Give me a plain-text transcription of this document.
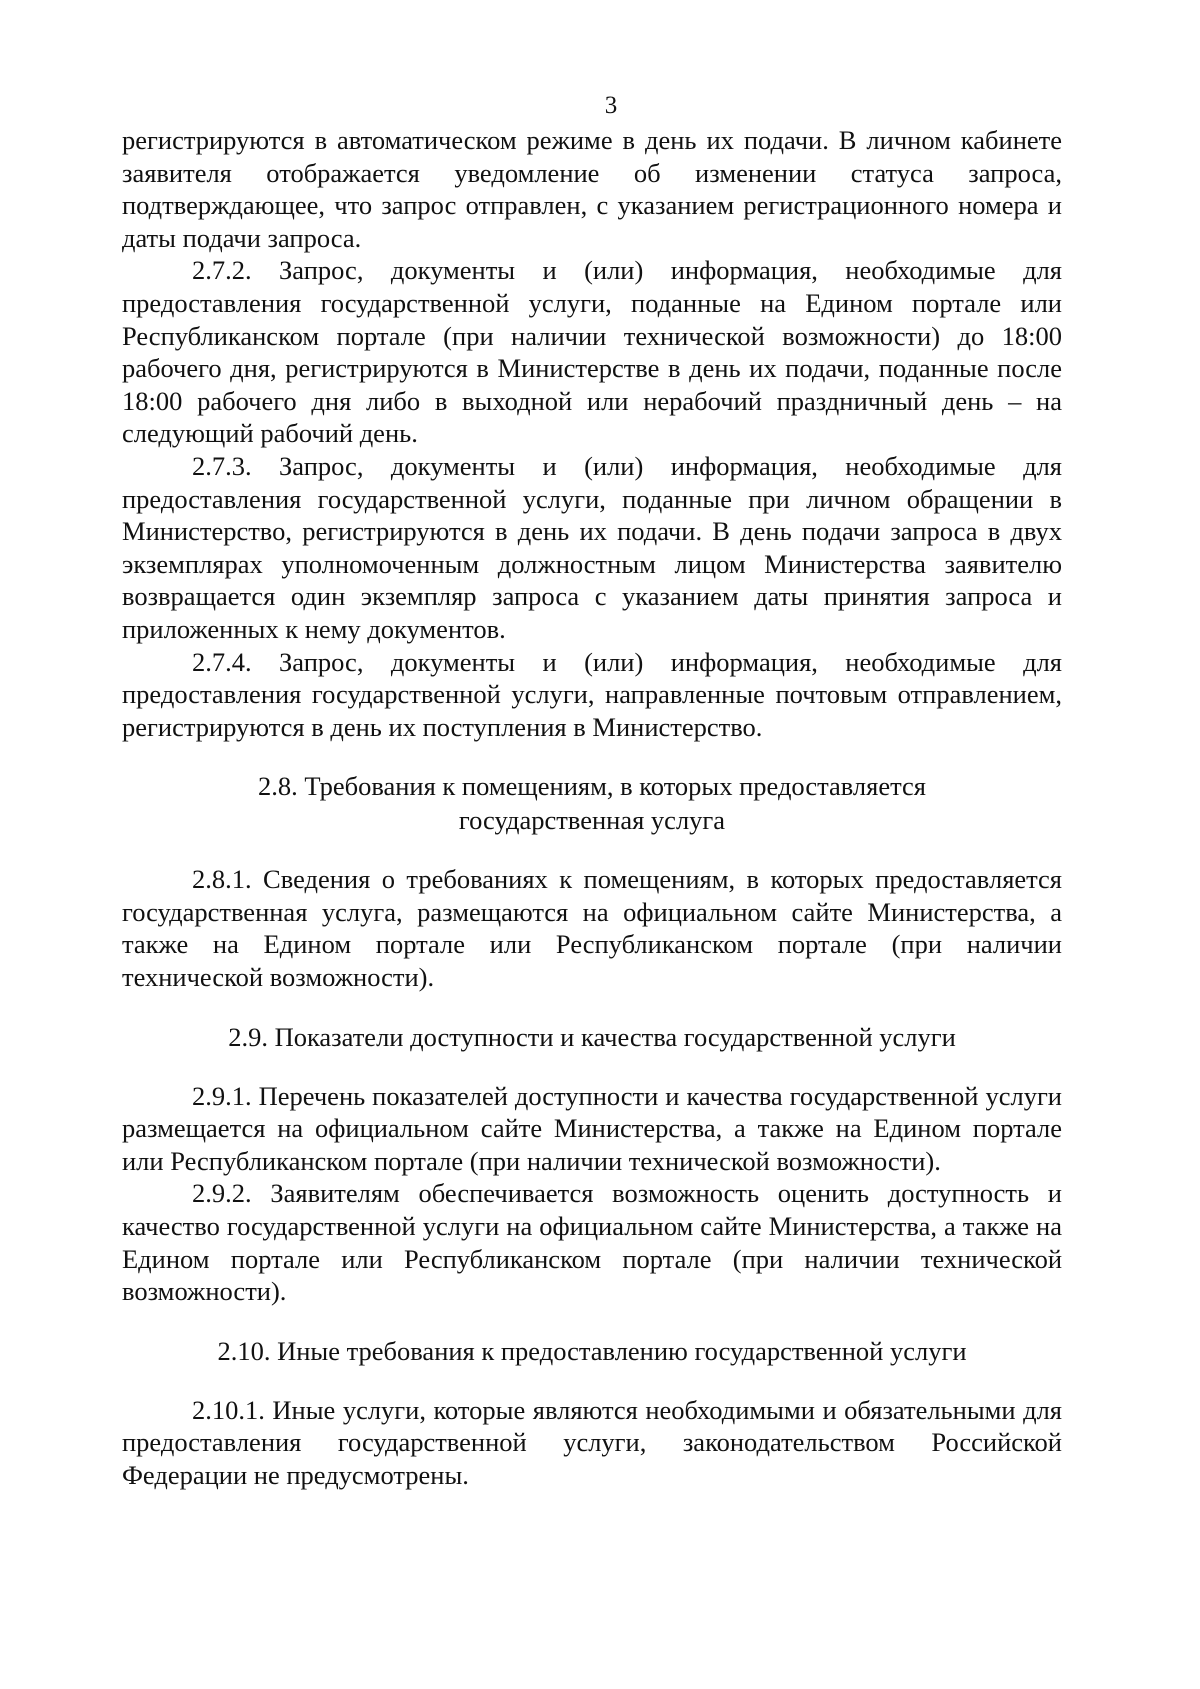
3

регистрируются в автоматическом режиме в день их подачи. В личном кабинете заявителя отображается уведомление об изменении статуса запроса, подтверждающее, что запрос отправлен, с указанием регистрационного номера и даты подачи запроса.

2.7.2. Запрос, документы и (или) информация, необходимые для предоставления государственной услуги, поданные на Едином портале или Республиканском портале (при наличии технической возможности) до 18:00 рабочего дня, регистрируются в Министерстве в день их подачи, поданные после 18:00 рабочего дня либо в выходной или нерабочий праздничный день – на следующий рабочий день.

2.7.3. Запрос, документы и (или) информация, необходимые для предоставления государственной услуги, поданные при личном обращении в Министерство, регистрируются в день их подачи. В день подачи запроса в двух экземплярах уполномоченным должностным лицом Министерства заявителю возвращается один экземпляр запроса с указанием даты принятия запроса и приложенных к нему документов.

2.7.4. Запрос, документы и (или) информация, необходимые для предоставления государственной услуги, направленные почтовым отправлением, регистрируются в день их поступления в Министерство.

2.8. Требования к помещениям, в которых предоставляется
государственная услуга

2.8.1. Сведения о требованиях к помещениям, в которых предоставляется государственная услуга, размещаются на официальном сайте Министерства, а также на Едином портале или Республиканском портале (при наличии технической возможности).

2.9. Показатели доступности и качества государственной услуги

2.9.1. Перечень показателей доступности и качества государственной услуги размещается на официальном сайте Министерства, а также на Едином портале или Республиканском портале (при наличии технической возможности).

2.9.2. Заявителям обеспечивается возможность оценить доступность и качество государственной услуги на официальном сайте Министерства, а также на Едином портале или Республиканском портале (при наличии технической возможности).

2.10. Иные требования к предоставлению государственной услуги

2.10.1. Иные услуги, которые являются необходимыми и обязательными для предоставления государственной услуги, законодательством Российской Федерации не предусмотрены.
